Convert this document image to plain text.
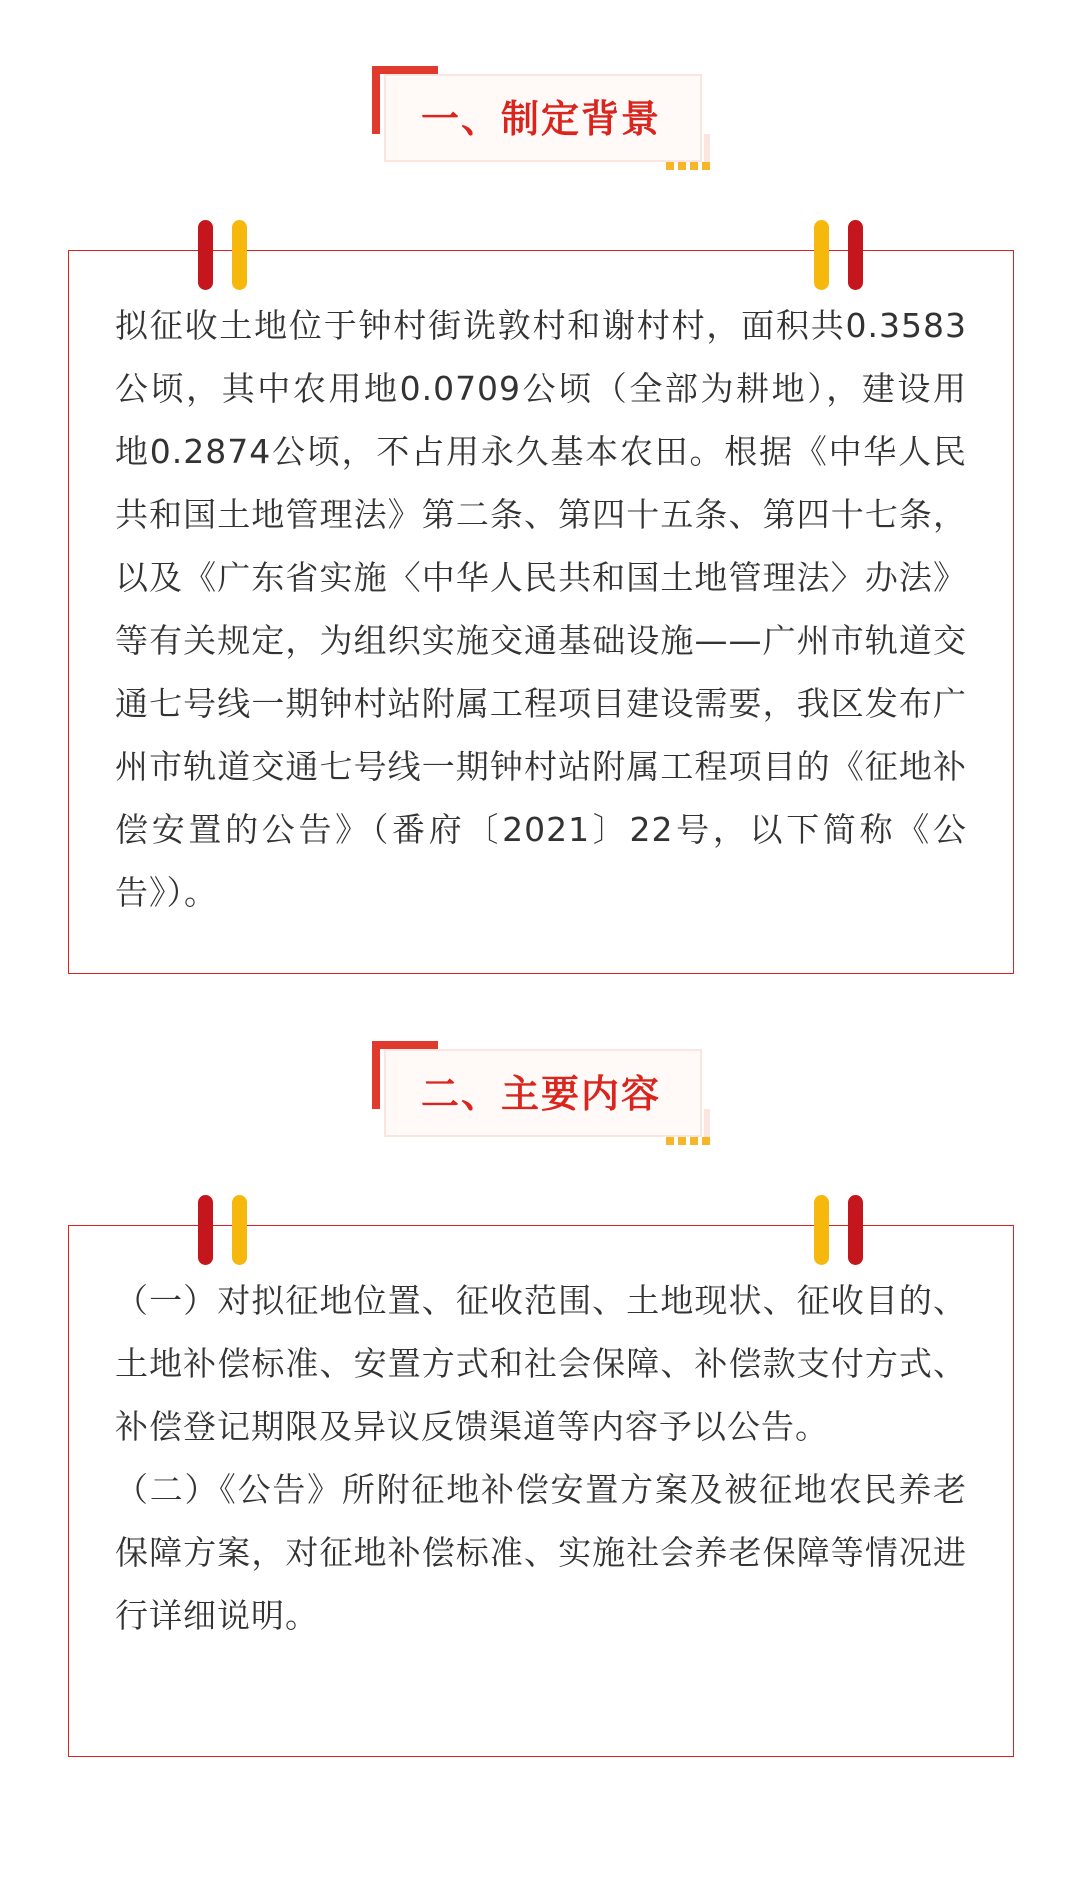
一、制定背景

拟征收土地位于钟村街诜敦村和谢村村，面积共0.3583公顷，其中农用地0.0709公顷（全部为耕地），建设用地0.2874公顷，不占用永久基本农田。根据《中华人民共和国土地管理法》第二条、第四十五条、第四十七条，以及《广东省实施〈中华人民共和国土地管理法〉办法》等有关规定，为组织实施交通基础设施——广州市轨道交通七号线一期钟村站附属工程项目建设需要，我区发布广州市轨道交通七号线一期钟村站附属工程项目的《征地补偿安置的公告》（番府〔2021〕22号，以下简称《公告》）。

二、主要内容

（一）对拟征地位置、征收范围、土地现状、征收目的、土地补偿标准、安置方式和社会保障、补偿款支付方式、补偿登记期限及异议反馈渠道等内容予以公告。

（二）《公告》所附征地补偿安置方案及被征地农民养老保障方案，对征地补偿标准、实施社会养老保障等情况进行详细说明。
